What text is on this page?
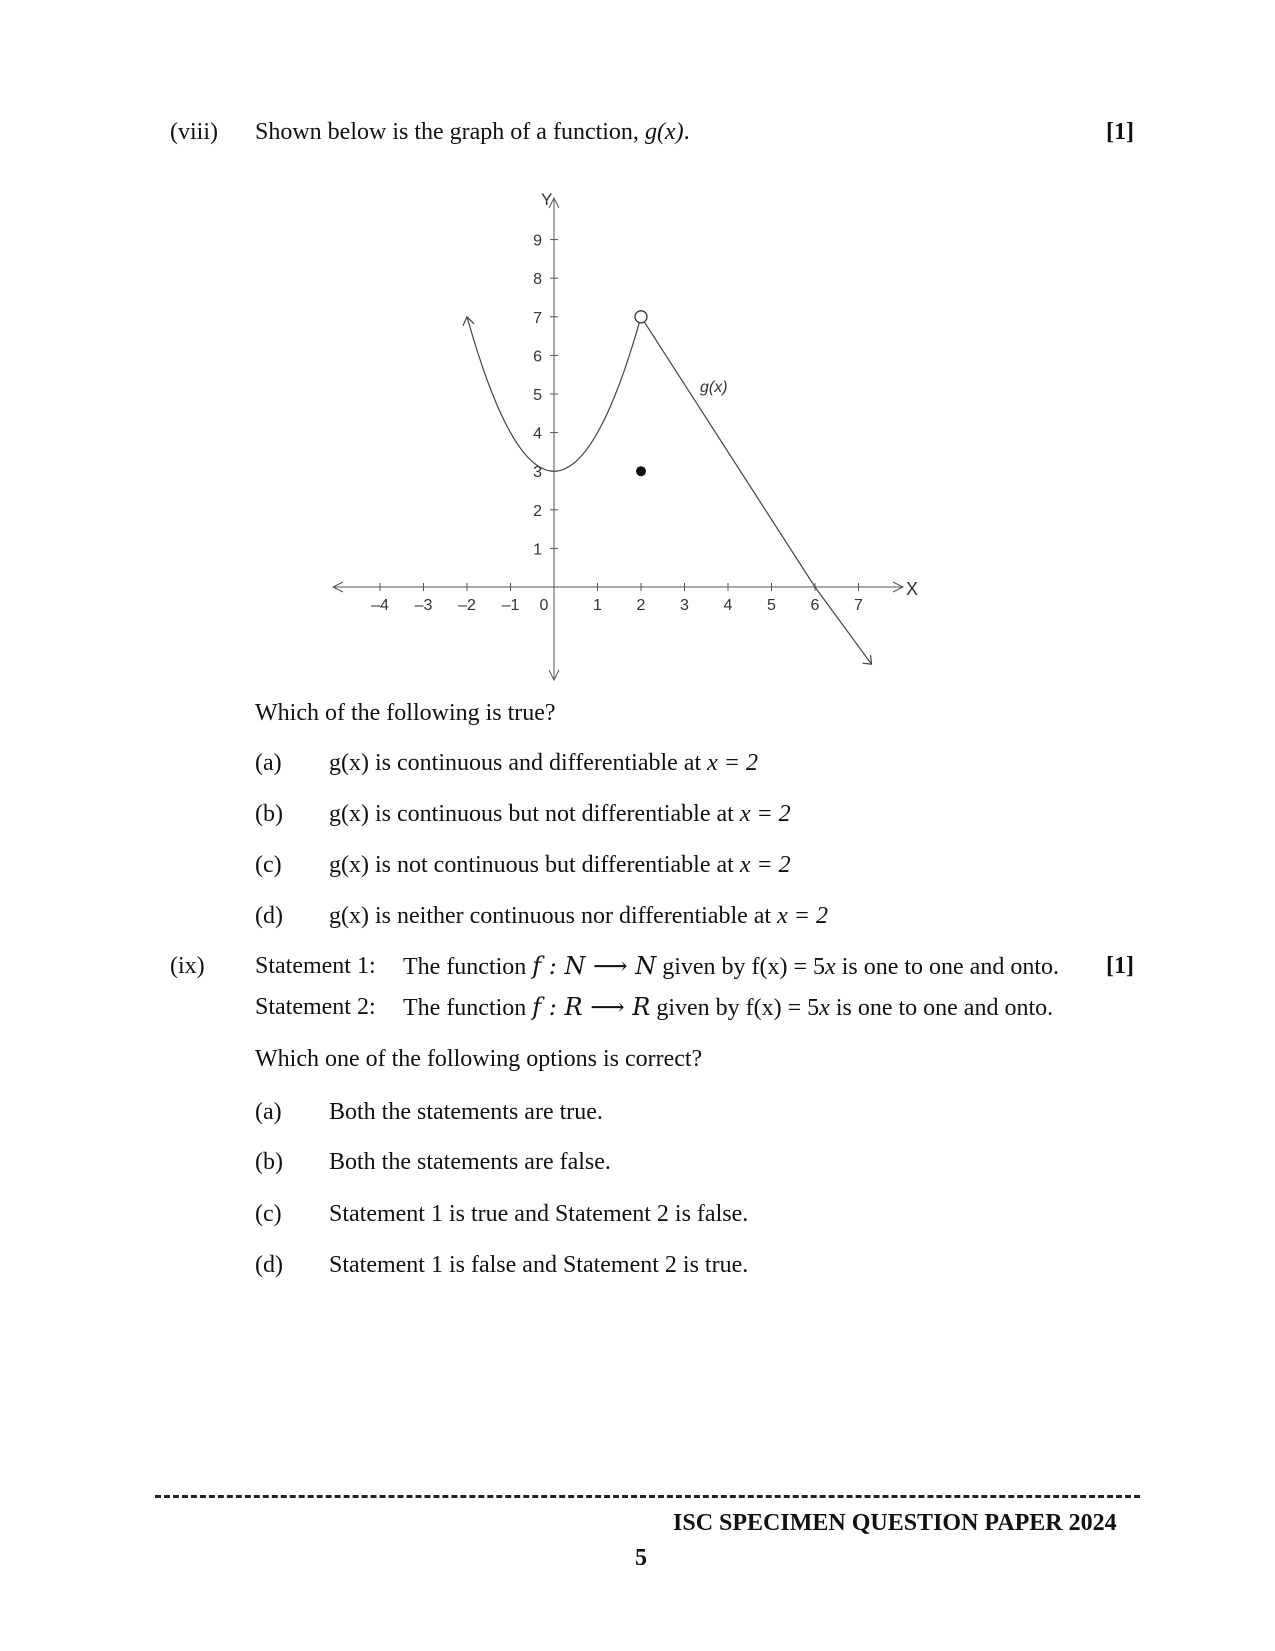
(viii) Shown below is the graph of a function, g(x).	[1]
–4 –3 –2 –1 0	1 2 3 4 5 6 7
1
2
3
4
5
6
7
8
9
X
Y
g(x)
Which of the following is true?
(a) g(x) is continuous and differentiable at x = 2
(b) g(x) is continuous but not differentiable at x = 2
(c) g(x) is not continuous but differentiable at x = 2
(d) g(x) is neither continuous nor differentiable at x = 2
(ix)	[1]
Statement 1: The function f : N ⟶ N given by f(x) = 5x is one to one and onto.
Statement 2: The function f : R ⟶ R given by f(x) = 5x is one to one and onto.
Which one of the following options is correct?
(a) Both the statements are true.
(b) Both the statements are false.
(c) Statement 1 is true and Statement 2 is false.
(d) Statement 1 is false and Statement 2 is true.
ISC SPECIMEN QUESTION PAPER 2024
5
